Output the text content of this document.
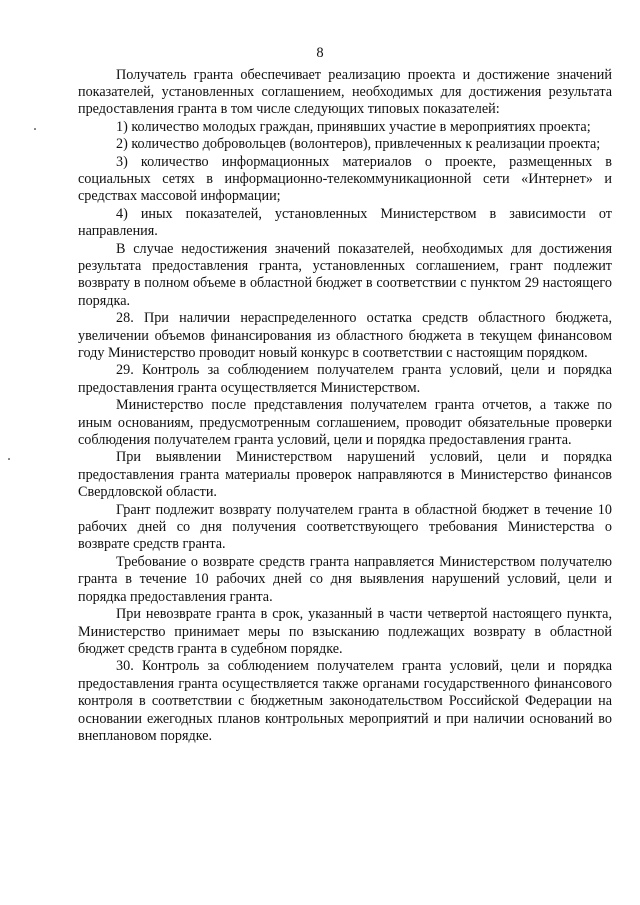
8

Получатель гранта обеспечивает реализацию проекта и достижение значений показателей, установленных соглашением, необходимых для достижения результата предоставления гранта в том числе следующих типовых показателей:

1) количество молодых граждан, принявших участие в мероприятиях проекта;

2) количество добровольцев (волонтеров), привлеченных к реализации проекта;

3) количество информационных материалов о проекте, размещенных в социальных сетях в информационно-телекоммуникационной сети «Интернет» и средствах массовой информации;

4) иных показателей, установленных Министерством в зависимости от направления.

В случае недостижения значений показателей, необходимых для достижения результата предоставления гранта, установленных соглашением, грант подлежит возврату в полном объеме в областной бюджет в соответствии с пунктом 29 настоящего порядка.

28. При наличии нераспределенного остатка средств областного бюджета, увеличении объемов финансирования из областного бюджета в текущем финансовом году Министерство проводит новый конкурс в соответствии с настоящим порядком.

29. Контроль за соблюдением получателем гранта условий, цели и порядка предоставления гранта осуществляется Министерством.

Министерство после представления получателем гранта отчетов, а также по иным основаниям, предусмотренным соглашением, проводит обязательные проверки соблюдения получателем гранта условий, цели и порядка предоставления гранта.

При выявлении Министерством нарушений условий, цели и порядка предоставления гранта материалы проверок направляются в Министерство финансов Свердловской области.

Грант подлежит возврату получателем гранта в областной бюджет в течение 10 рабочих дней со дня получения соответствующего требования Министерства о возврате средств гранта.

Требование о возврате средств гранта направляется Министерством получателю гранта в течение 10 рабочих дней со дня выявления нарушений условий, цели и порядка предоставления гранта.

При невозврате гранта в срок, указанный в части четвертой настоящего пункта, Министерство принимает меры по взысканию подлежащих возврату в областной бюджет средств гранта в судебном порядке.

30. Контроль за соблюдением получателем гранта условий, цели и порядка предоставления гранта осуществляется также органами государственного финансового контроля в соответствии с бюджетным законодательством Российской Федерации на основании ежегодных планов контрольных мероприятий и при наличии оснований во внеплановом порядке.
